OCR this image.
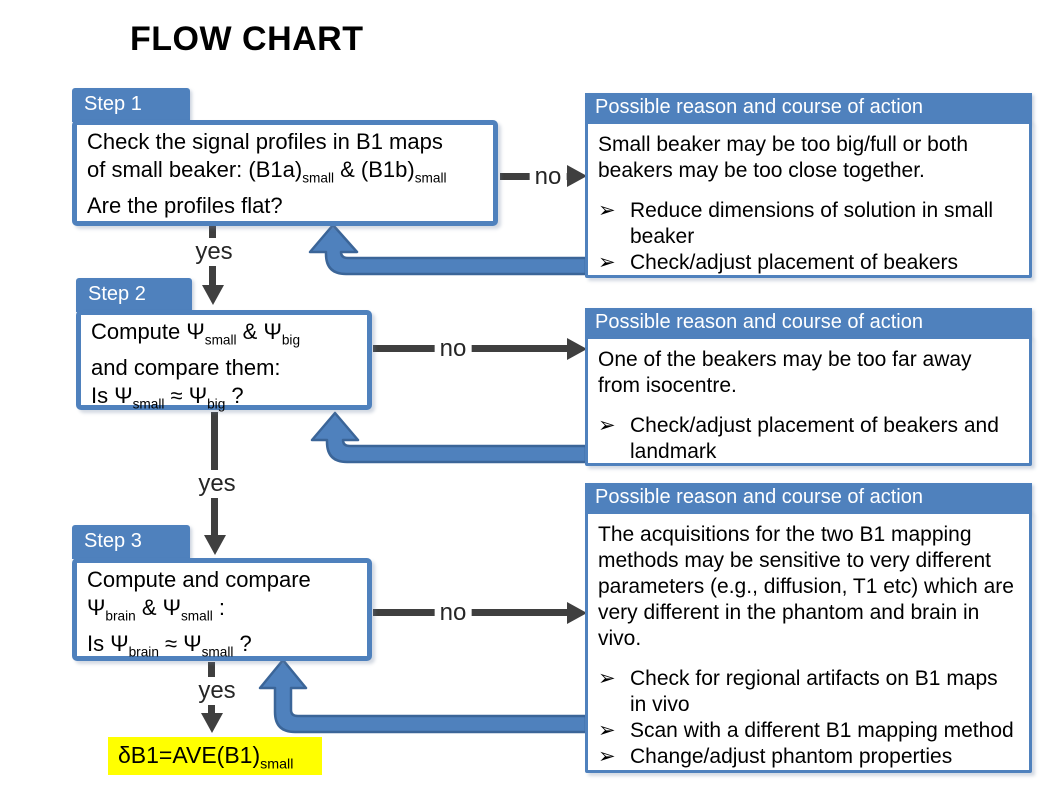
FLOW CHART
no
yes
no
yes
no
yes
Step 1
Check the signal profiles in B1 maps
of small beaker: $(B1a)_{small}$ & $(B1b)_{small}$
Are the profiles flat?
Step 2
Compute $\Psi_{small}$ & $\Psi_{big}$
and compare them:
Is $\Psi_{small} \approx \Psi_{big}$ ?
Step 3
Compute and compare
$\Psi_{brain}$ & $\Psi_{small}$ :
Is $\Psi_{brain} \approx \Psi_{small}$ ?
Possible reason and course of action

Small beaker may be too big/full or both beakers may be too close together.

➢ Reduce dimensions of solution in small beaker
➢ Check/adjust placement of beakers
Possible reason and course of action

One of the beakers may be too far away from isocentre.

➢ Check/adjust placement of beakers and landmark
Possible reason and course of action

The acquisitions for the two B1 mapping methods may be sensitive to very different parameters (e.g., diffusion, T1 etc) which are very different in the phantom and brain in vivo.

➢ Check for regional artifacts on B1 maps in vivo
➢ Scan with a different B1 mapping method
➢ Change/adjust phantom properties
$\delta B1=AVE(B1)_{small}$
